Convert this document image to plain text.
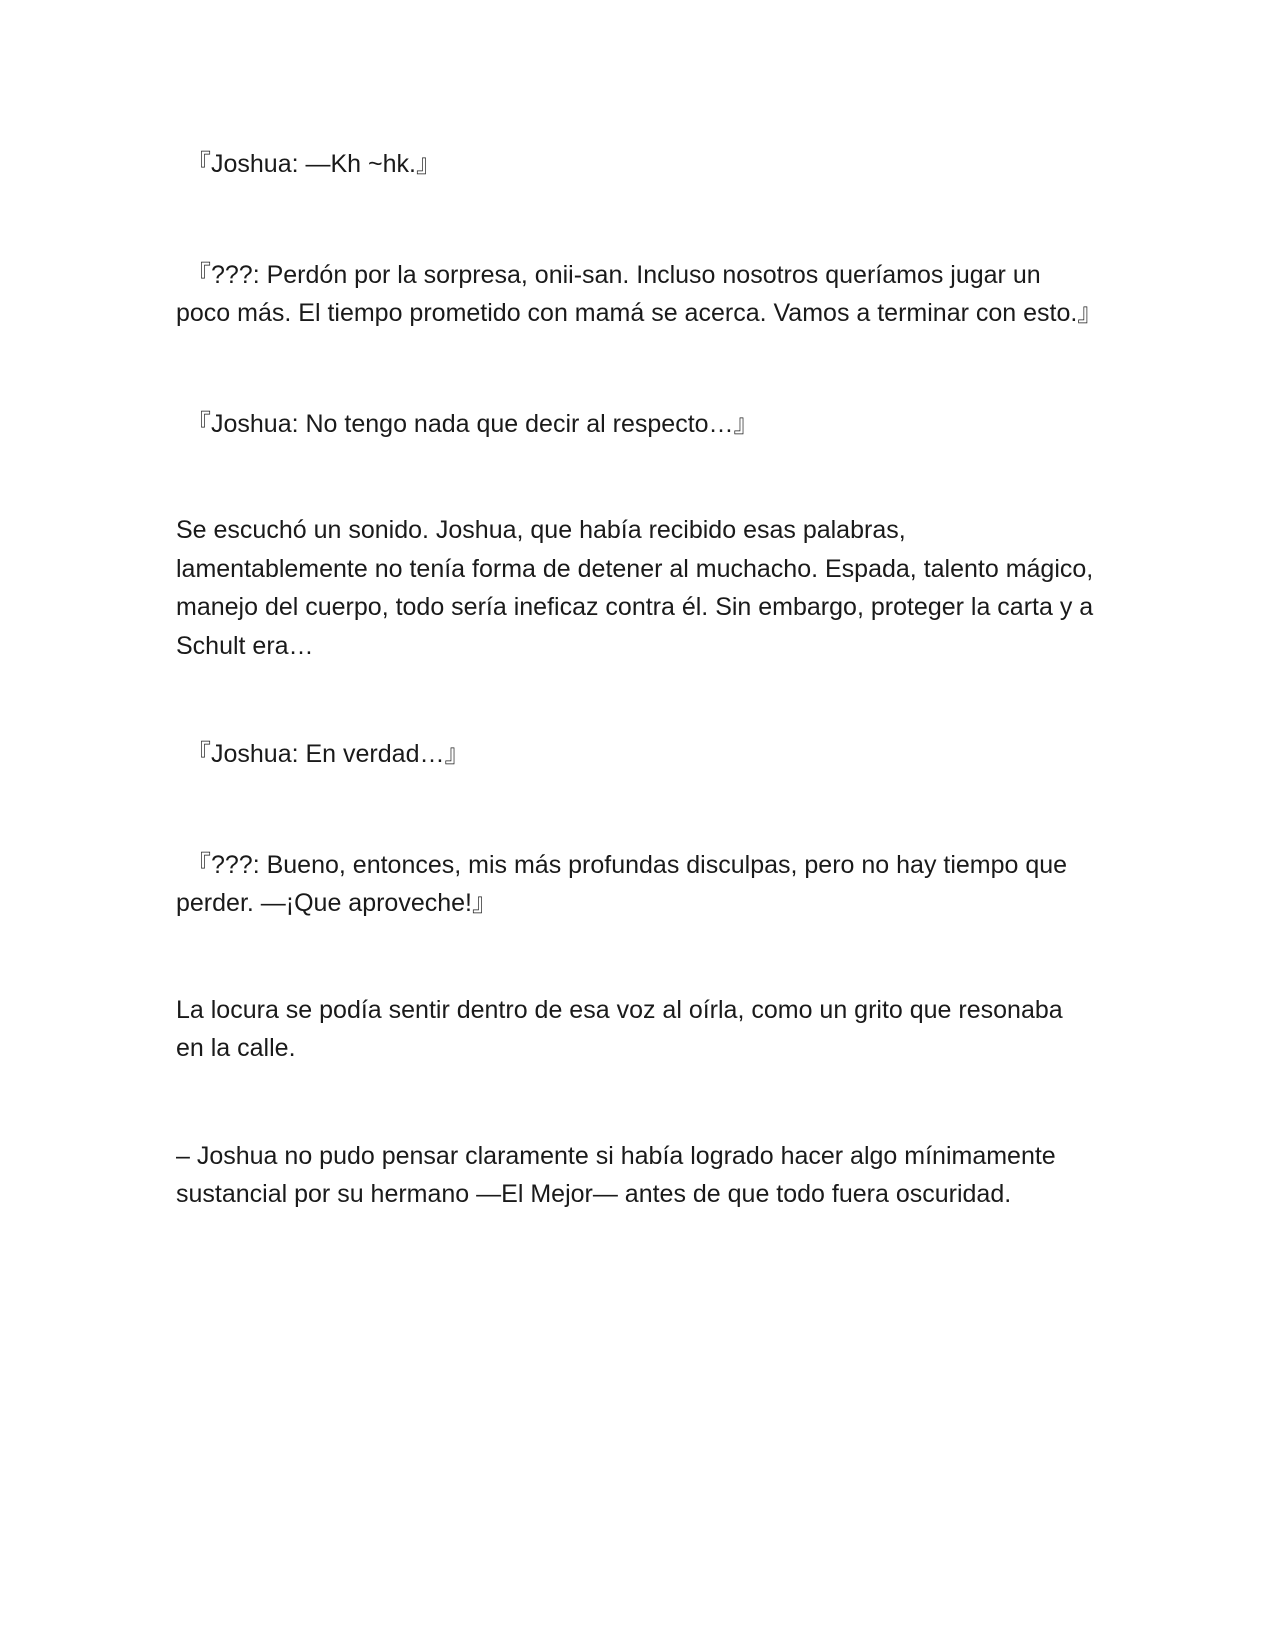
『Joshua: —Kh ~hk.』

『???: Perdón por la sorpresa, onii-san. Incluso nosotros queríamos jugar un poco más. El tiempo prometido con mamá se acerca. Vamos a terminar con esto.』

『Joshua: No tengo nada que decir al respecto…』

Se escuchó un sonido. Joshua, que había recibido esas palabras, lamentablemente no tenía forma de detener al muchacho. Espada, talento mágico, manejo del cuerpo, todo sería ineficaz contra él. Sin embargo, proteger la carta y a Schult era…

『Joshua: En verdad…』

『???: Bueno, entonces, mis más profundas disculpas, pero no hay tiempo que perder. —¡Que aproveche!』

La locura se podía sentir dentro de esa voz al oírla, como un grito que resonaba en la calle.

– Joshua no pudo pensar claramente si había logrado hacer algo mínimamente sustancial por su hermano —El Mejor— antes de que todo fuera oscuridad.
